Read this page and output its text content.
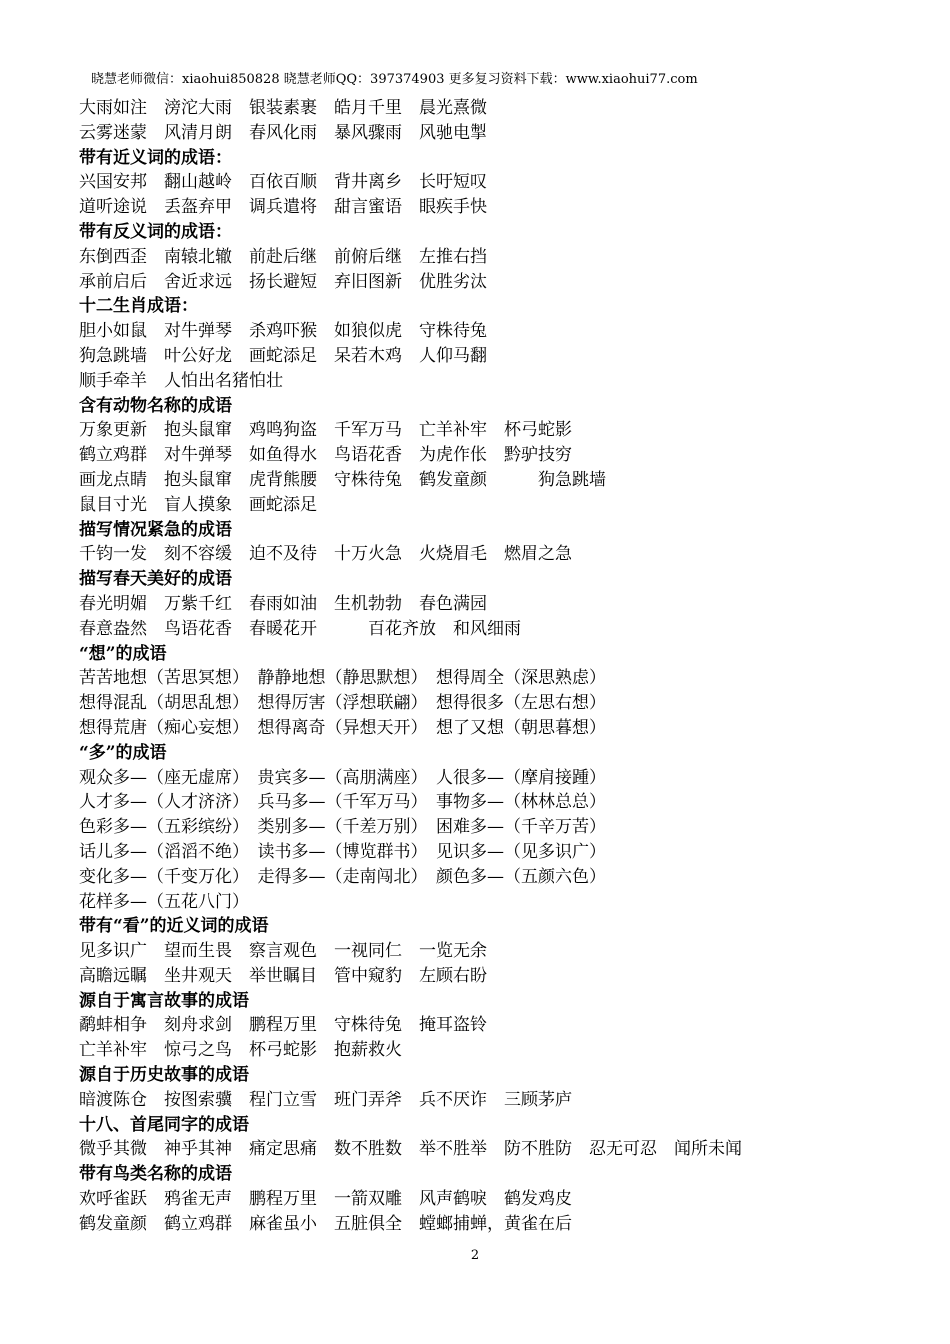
晓慧老师微信：xiaohui850828 晓慧老师QQ：397374903 更多复习资料下载：www.xiaohui77.com
大雨如注　滂沱大雨　银装素裹　皓月千里　晨光熹微
云雾迷蒙　风清月朗　春风化雨　暴风骤雨　风驰电掣
带有近义词的成语：
兴国安邦　翻山越岭　百依百顺　背井离乡　长吁短叹
道听途说　丢盔弃甲　调兵遣将　甜言蜜语　眼疾手快
带有反义词的成语：
东倒西歪　南辕北辙　前赴后继　前俯后继　左推右挡
承前启后　舍近求远　扬长避短　弃旧图新　优胜劣汰
十二生肖成语：
胆小如鼠　对牛弹琴　杀鸡吓猴　如狼似虎　守株待兔
狗急跳墙　叶公好龙　画蛇添足　呆若木鸡　人仰马翻
顺手牵羊　人怕出名猪怕壮
含有动物名称的成语
万象更新　抱头鼠窜　鸡鸣狗盗　千军万马　亡羊补牢　杯弓蛇影
鹤立鸡群　对牛弹琴　如鱼得水　鸟语花香　为虎作伥　黔驴技穷
画龙点睛　抱头鼠窜　虎背熊腰　守株待兔　鹤发童颜　　　狗急跳墙
鼠目寸光　盲人摸象　画蛇添足
描写情况紧急的成语
千钧一发　刻不容缓　迫不及待　十万火急　火烧眉毛　燃眉之急
描写春天美好的成语
春光明媚　万紫千红　春雨如油　生机勃勃　春色满园
春意盎然　鸟语花香　春暖花开　　　百花齐放　和风细雨
“想”的成语
苦苦地想（苦思冥想）　静静地想（静思默想）　想得周全（深思熟虑）
想得混乱（胡思乱想）　想得厉害（浮想联翩）　想得很多（左思右想）
想得荒唐（痴心妄想）　想得离奇（异想天开）　想了又想（朝思暮想）
“多”的成语
观众多—（座无虚席）　贵宾多—（高朋满座）　人很多—（摩肩接踵）
人才多—（人才济济）　兵马多—（千军万马）　事物多—（林林总总）
色彩多—（五彩缤纷）　类别多—（千差万别）　困难多—（千辛万苦）
话儿多—（滔滔不绝）　读书多—（博览群书）　见识多—（见多识广）
变化多—（千变万化）　走得多—（走南闯北）　颜色多—（五颜六色）
花样多—（五花八门）
带有“看”的近义词的成语
见多识广　望而生畏　察言观色　一视同仁　一览无余
高瞻远瞩　坐井观天　举世瞩目　管中窥豹　左顾右盼
源自于寓言故事的成语
鹬蚌相争　刻舟求剑　鹏程万里　守株待兔　掩耳盗铃
亡羊补牢　惊弓之鸟　杯弓蛇影　抱薪救火
源自于历史故事的成语
暗渡陈仓　按图索骥　程门立雪　班门弄斧　兵不厌诈　三顾茅庐
十八、首尾同字的成语
微乎其微　神乎其神　痛定思痛　数不胜数　举不胜举　防不胜防　忍无可忍　闻所未闻
带有鸟类名称的成语
欢呼雀跃　鸦雀无声　鹏程万里　一箭双雕　风声鹤唳　鹤发鸡皮
鹤发童颜　鹤立鸡群　麻雀虽小　五脏俱全　螳螂捕蝉，黄雀在后
2
